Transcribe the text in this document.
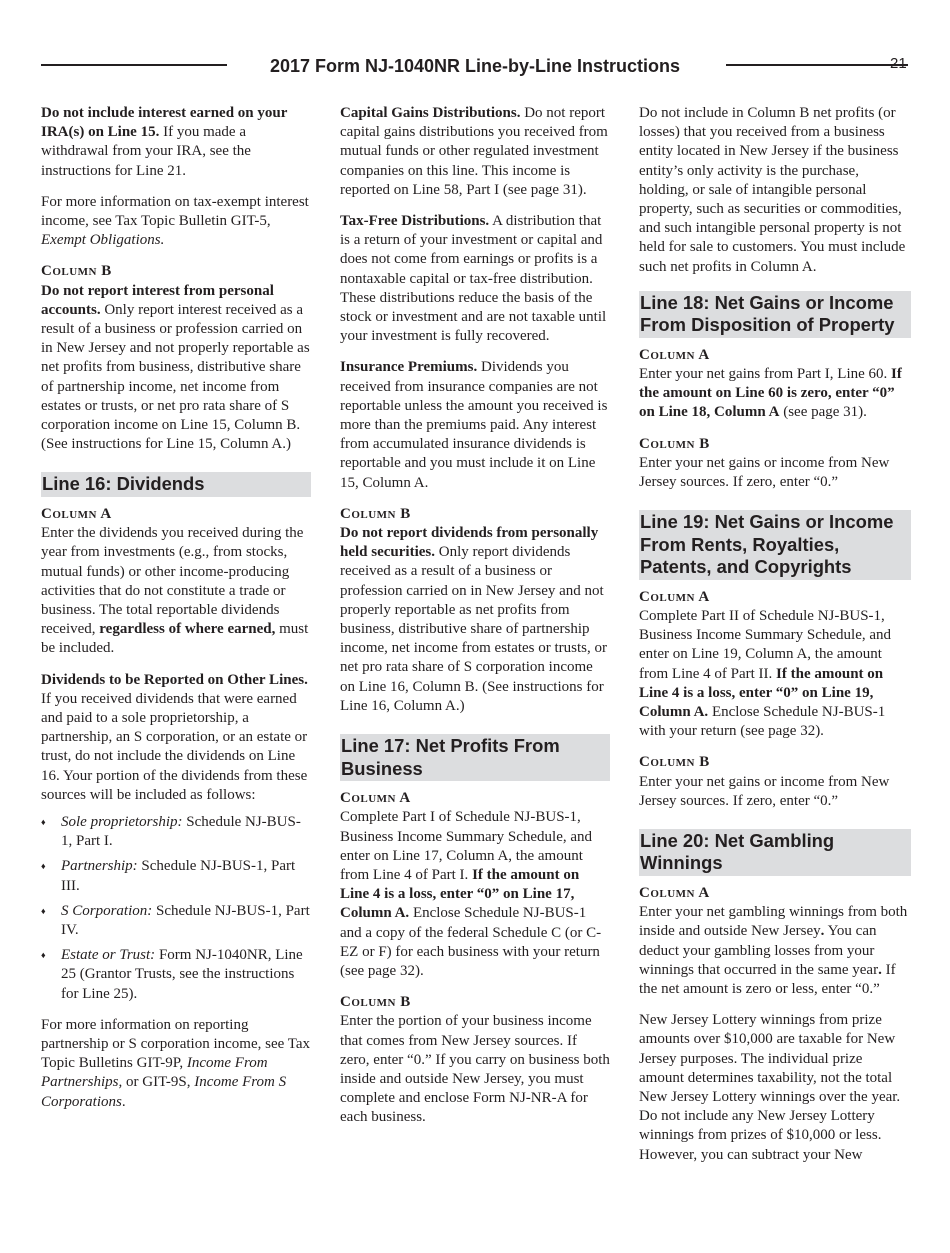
2017 Form NJ-1040NR Line-by-Line Instructions	21

Do not include interest earned on your IRA(s) on Line 15. If you made a withdrawal from your IRA, see the instructions for Line 21.

For more information on tax-exempt interest income, see Tax Topic Bulletin GIT-5, Exempt Obligations.

Column B

Do not report interest from personal accounts. Only report interest received as a result of a business or profession carried on in New Jersey and not properly reportable as net profits from business, distributive share of partnership income, net income from estates or trusts, or net pro rata share of S corporation income on Line 15, Column B. (See instructions for Line 15, Column A.)

Line 16: Dividends
Column A

Enter the dividends you received during the year from investments (e.g., from stocks, mutual funds) or other income-producing activities that do not constitute a trade or business. The total reportable dividends received, regardless of where earned, must be included.

Dividends to be Reported on Other Lines. If you received dividends that were earned and paid to a sole proprietorship, a partnership, an S corporation, or an estate or trust, do not include the dividends on Line 16. Your portion of the dividends from these sources will be included as follows:

♦ Sole proprietorship: Schedule NJ-BUS-1, Part I.
♦ Partnership: Schedule NJ-BUS-1, Part III.
♦ S Corporation: Schedule NJ-BUS-1, Part IV.
♦ Estate or Trust: Form NJ-1040NR, Line 25 (Grantor Trusts, see the instructions for Line 25).

For more information on reporting partnership or S corporation income, see Tax Topic Bulletins GIT-9P, Income From Partnerships, or GIT-9S, Income From S Corporations.

Capital Gains Distributions. Do not report capital gains distributions you received from mutual funds or other regulated investment companies on this line. This income is reported on Line 58, Part I (see page 31).

Tax-Free Distributions. A distribution that is a return of your investment or capital and does not come from earnings or profits is a nontaxable capital or tax-free distribution. These distributions reduce the basis of the stock or investment and are not taxable until your investment is fully recovered.

Insurance Premiums. Dividends you received from insurance companies are not reportable unless the amount you received is more than the premiums paid. Any interest from accumulated insurance dividends is reportable and you must include it on Line 15, Column A.

Column B

Do not report dividends from personally held securities. Only report dividends received as a result of a business or profession carried on in New Jersey and not properly reportable as net profits from business, distributive share of partnership income, net income from estates or trusts, or net pro rata share of S corporation income on Line 16, Column B. (See instructions for Line 16, Column A.)

Line 17: Net Profits From Business
Column A

Complete Part I of Schedule NJ-BUS-1, Business Income Summary Schedule, and enter on Line 17, Column A, the amount from Line 4 of Part I. If the amount on Line 4 is a loss, enter “0” on Line 17, Column A. Enclose Schedule NJ-BUS-1 and a copy of the federal Schedule C (or C-EZ or F) for each business with your return (see page 32).

Column B

Enter the portion of your business income that comes from New Jersey sources. If zero, enter “0.” If you carry on business both inside and outside New Jersey, you must complete and enclose Form NJ-NR-A for each business.

Do not include in Column B net profits (or losses) that you received from a business entity located in New Jersey if the business entity’s only activity is the purchase, holding, or sale of intangible personal property, such as securities or commodities, and such intangible personal property is not held for sale to customers. You must include such net profits in Column A.

Line 18: Net Gains or Income From Disposition of Property
Column A

Enter your net gains from Part I, Line 60. If the amount on Line 60 is zero, enter “0” on Line 18, Column A (see page 31).

Column B

Enter your net gains or income from New Jersey sources. If zero, enter “0.”

Line 19: Net Gains or Income From Rents, Royalties, Patents, and Copyrights
Column A

Complete Part II of Schedule NJ-BUS-1, Business Income Summary Schedule, and enter on Line 19, Column A, the amount from Line 4 of Part II. If the amount on Line 4 is a loss, enter “0” on Line 19, Column A. Enclose Schedule NJ-BUS-1 with your return (see page 32).

Column B

Enter your net gains or income from New Jersey sources. If zero, enter “0.”

Line 20: Net Gambling Winnings
Column A

Enter your net gambling winnings from both inside and outside New Jersey. You can deduct your gambling losses from your winnings that occurred in the same year. If the net amount is zero or less, enter “0.”

New Jersey Lottery winnings from prize amounts over $10,000 are taxable for New Jersey purposes. The individual prize amount determines taxability, not the total New Jersey Lottery winnings over the year. Do not include any New Jersey Lottery winnings from prizes of $10,000 or less. However, you can subtract your New
